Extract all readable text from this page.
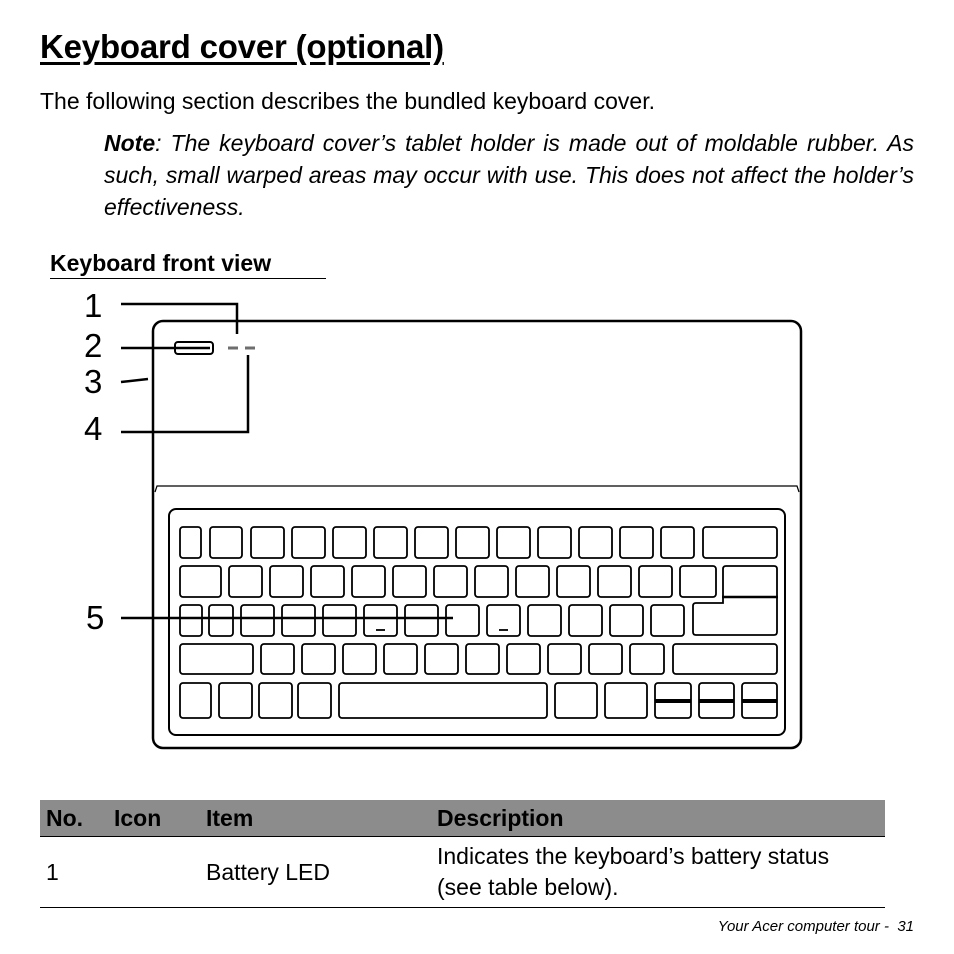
Keyboard cover (optional)

The following section describes the bundled keyboard cover.

Note: The keyboard cover’s tablet holder is made out of moldable rubber. As such, small warped areas may occur with use. This does not affect the holder’s effectiveness.

Keyboard front view
1
2
3
4
5
No.	Icon	Item	Description
1		Battery LED	Indicates the keyboard’s battery status (see table below).
Your Acer computer tour - 31
